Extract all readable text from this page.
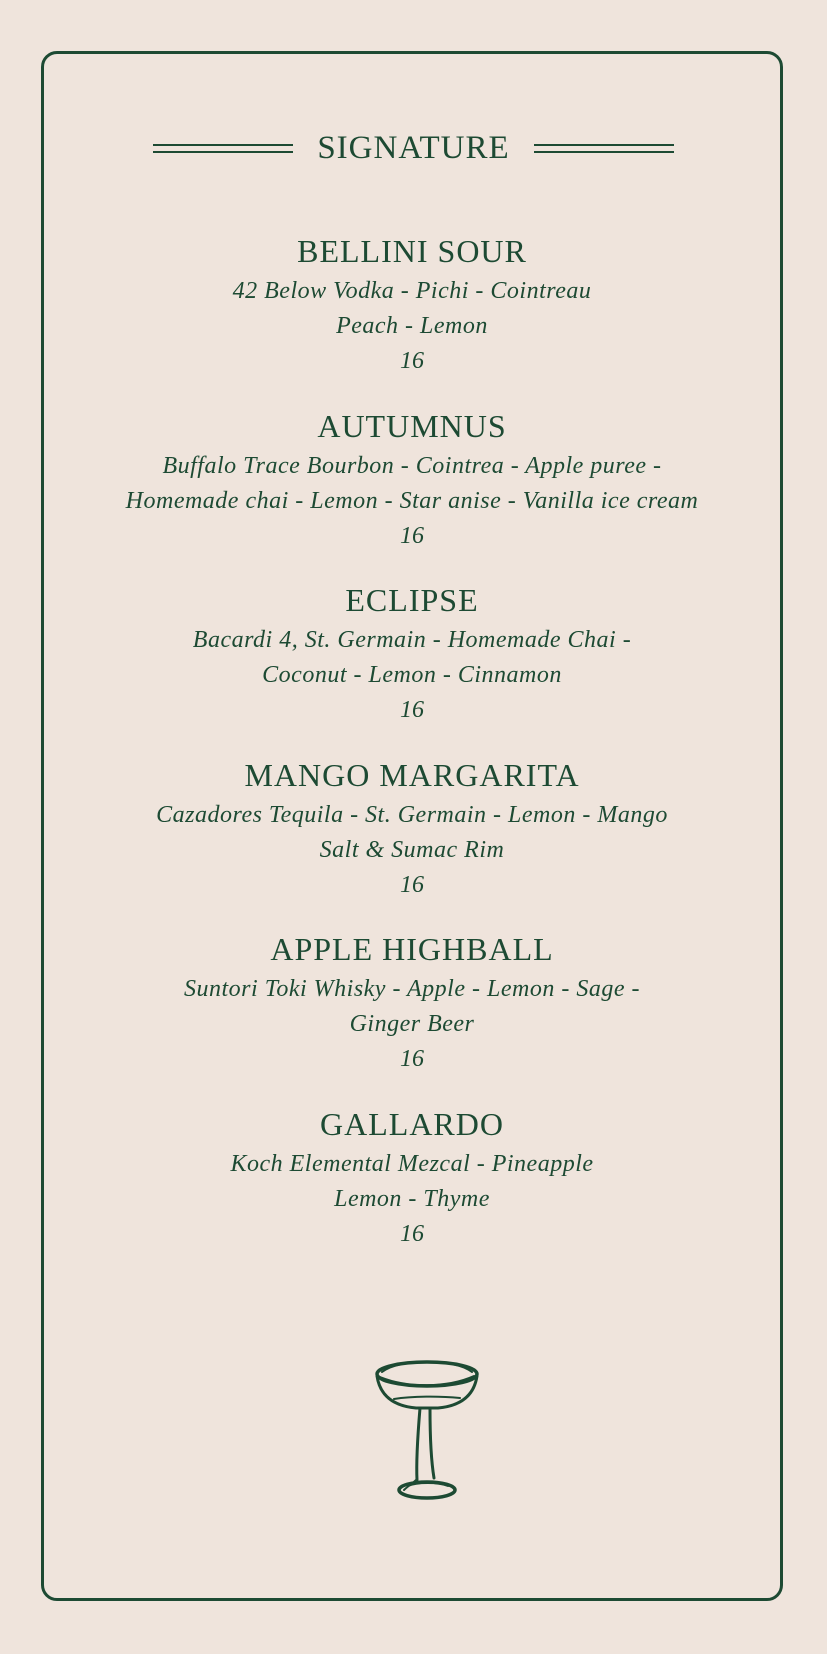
SIGNATURE
BELLINI SOUR
42 Below Vodka - Pichi - Cointreau
Peach - Lemon
16
AUTUMNUS
Buffalo Trace Bourbon - Cointrea - Apple puree -
Homemade chai - Lemon - Star anise - Vanilla ice cream
16
ECLIPSE
Bacardi 4, St. Germain - Homemade Chai -
Coconut - Lemon - Cinnamon
16
MANGO MARGARITA
Cazadores Tequila - St. Germain - Lemon - Mango
Salt & Sumac Rim
16
APPLE HIGHBALL
Suntori Toki Whisky - Apple - Lemon - Sage -
Ginger Beer
16
GALLARDO
Koch Elemental Mezcal - Pineapple
Lemon - Thyme
16
